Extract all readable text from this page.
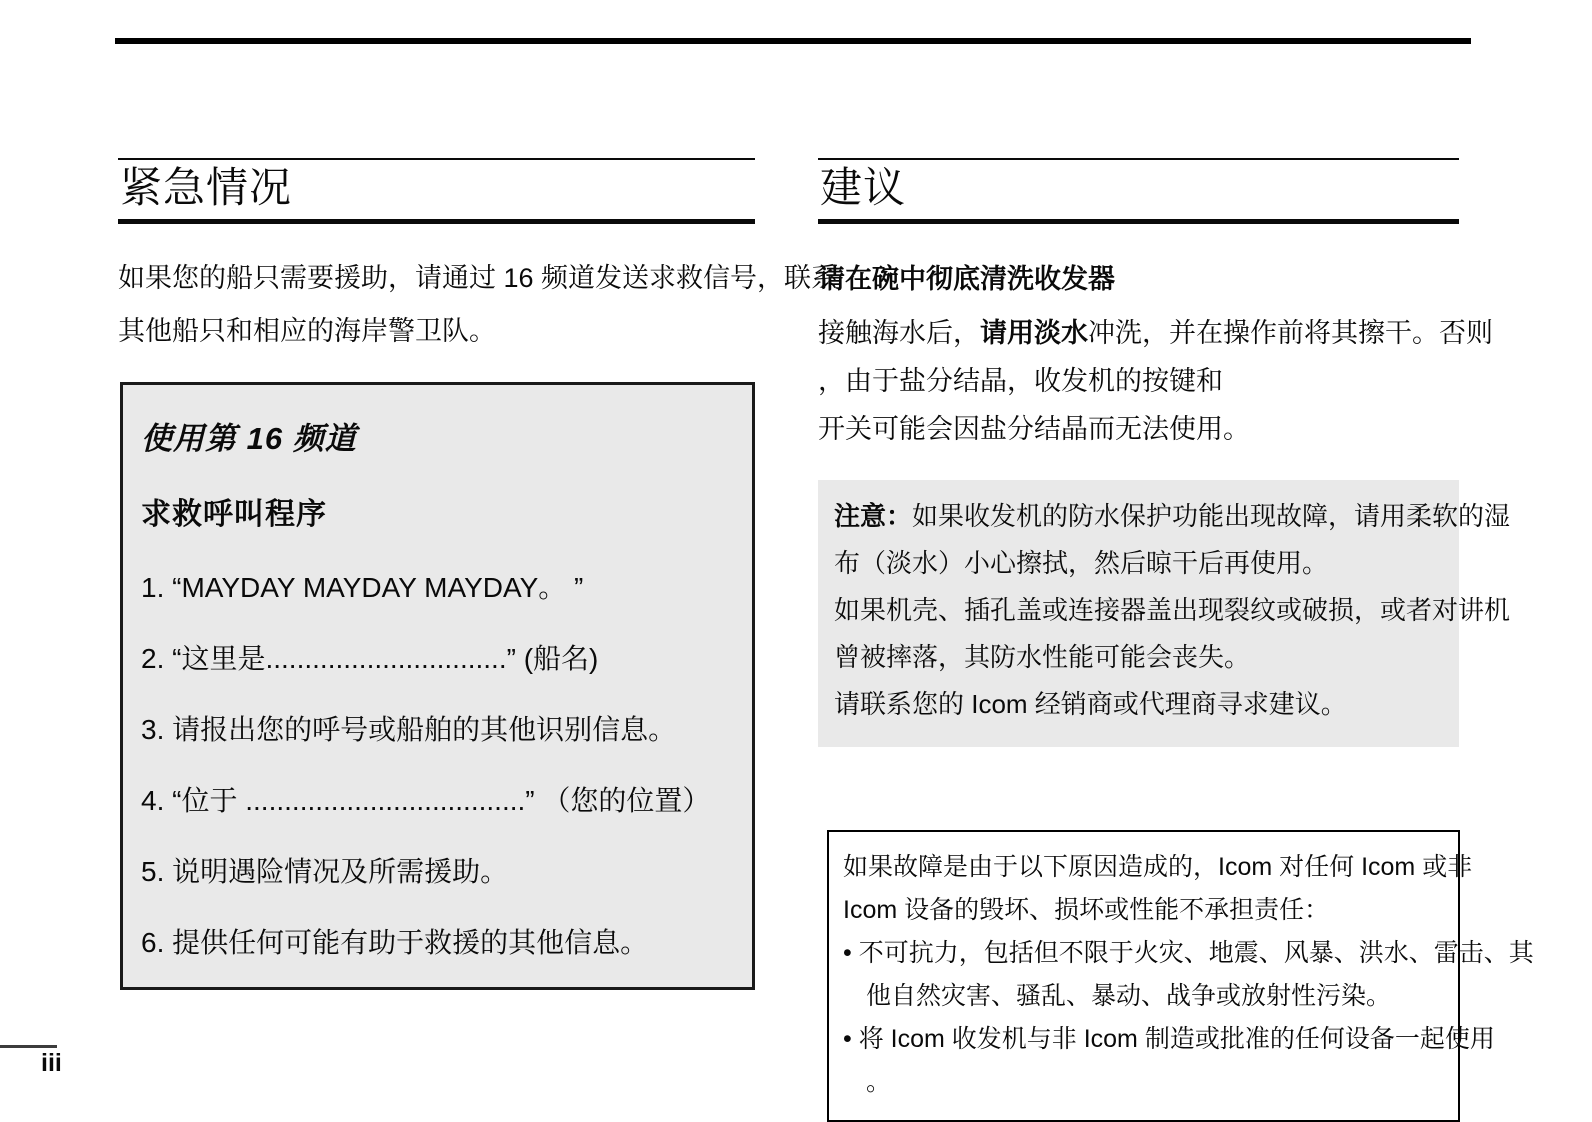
紧急情况

如果您的船只需要援助，请通过 16 频道发送求救信号，联系
其他船只和相应的海岸警卫队。

使用第 16 频道
求救呼叫程序
1. “MAYDAY MAYDAY MAYDAY。 ”
2. “这里是...............................” (船名)
3. 请报出您的呼号或船舶的其他识别信息。
4. “位于 ....................................” （您的位置）
5. 说明遇险情况及所需援助。
6. 提供任何可能有助于救援的其他信息。
建议

请在碗中彻底清洗收发器

接触海水后，请用淡水冲洗，并在操作前将其擦干。否则
，由于盐分结晶，收发机的按键和
开关可能会因盐分结晶而无法使用。

注意：如果收发机的防水保护功能出现故障，请用柔软的湿
布（淡水）小心擦拭，然后晾干后再使用。
如果机壳、插孔盖或连接器盖出现裂纹或破损，或者对讲机
曾被摔落，其防水性能可能会丧失。
请联系您的 Icom 经销商或代理商寻求建议。
如果故障是由于以下原因造成的，Icom 对任何 Icom 或非
Icom 设备的毁坏、损坏或性能不承担责任：
• 不可抗力，包括但不限于火灾、地震、风暴、洪水、雷击、其
他自然灾害、骚乱、暴动、战争或放射性污染。
• 将 Icom 收发机与非 Icom 制造或批准的任何设备一起使用
。
iii
